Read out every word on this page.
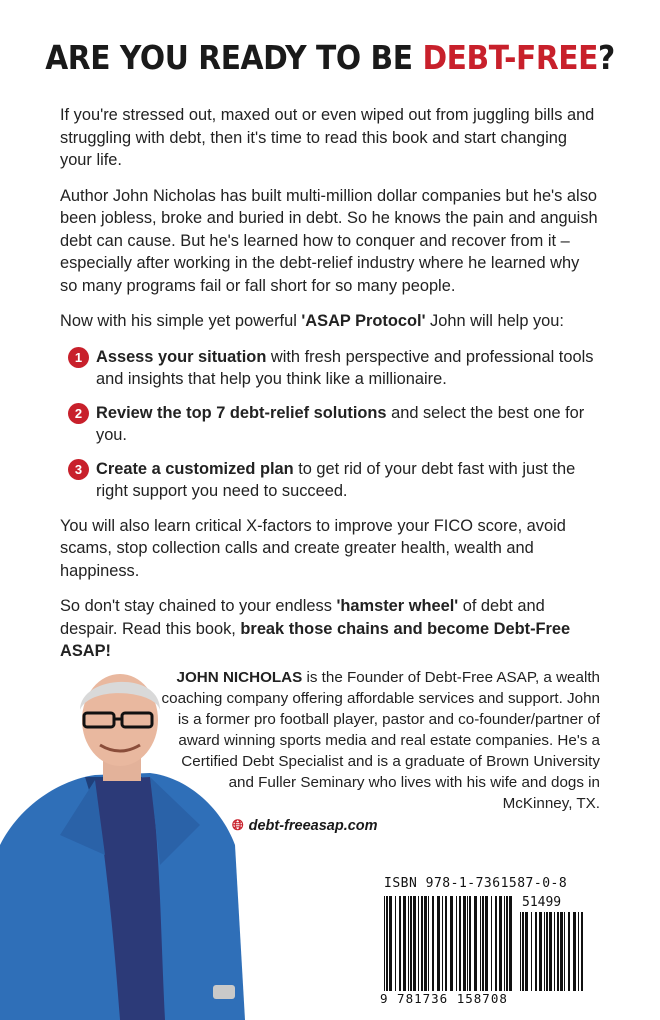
ARE YOU READY TO BE DEBT-FREE?

If you're stressed out, maxed out or even wiped out from juggling bills and struggling with debt, then it's time to read this book and start changing your life.

Author John Nicholas has built multi-million dollar companies but he's also been jobless, broke and buried in debt. So he knows the pain and anguish debt can cause. But he's learned how to conquer and recover from it – especially after working in the debt-relief industry where he learned why so many programs fail or fall short for so many people.

Now with his simple yet powerful 'ASAP Protocol' John will help you:

1 Assess your situation with fresh perspective and professional tools and insights that help you think like a millionaire.
2 Review the top 7 debt-relief solutions and select the best one for you.
3 Create a customized plan to get rid of your debt fast with just the right support you need to succeed.

You will also learn critical X-factors to improve your FICO score, avoid scams, stop collection calls and create greater health, wealth and happiness.

So don't stay chained to your endless 'hamster wheel' of debt and despair. Read this book, break those chains and become Debt-Free ASAP!

JOHN NICHOLAS is the Founder of Debt-Free ASAP, a wealth coaching company offering affordable services and support. John is a former pro football player, pastor and co-founder/partner of award winning sports media and real estate companies. He's a Certified Debt Specialist and is a graduate of Brown University and Fuller Seminary who lives with his wife and dogs in McKinney, TX.
🌐︎ debt-freeasap.com
ISBN 978-1-7361587-0-8
51499
9 781736 158708
